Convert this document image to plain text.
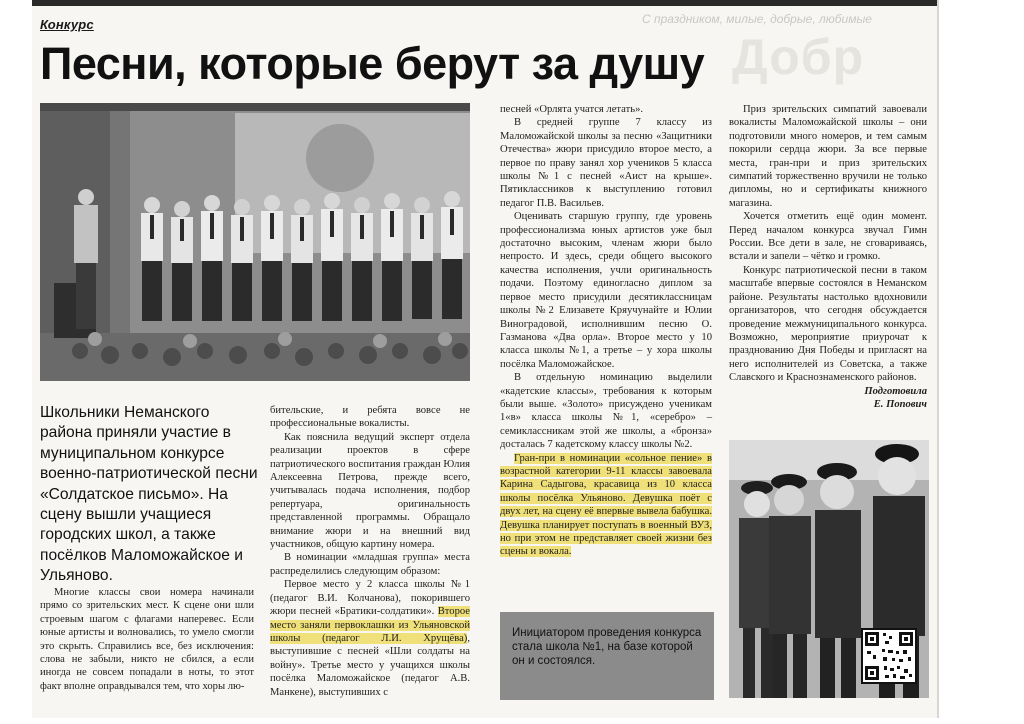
С праздником, милые, добрые, любимые
Добр
Конкурс
Песни, которые берут за душу
Школьники Неманского района приняли участие в муниципальном конкурсе военно-патриотической песни «Солдатское письмо». На сцену вышли учащиеся городских школ, а также посёлков Маломожайское и Ульяново.

Многие классы свои номера начинали прямо со зрительских мест. К сцене они шли строевым шагом с флагами наперевес. Если юные артисты и волновались, то умело смогли это скрыть. Справились все, без исключения: слова не забыли, никто не сбился, а если иногда не совсем попадали в ноты, то этот факт вполне оправдывался тем, что хоры лю-

бительские, и ребята вовсе не профессиональные вокалисты.

Как пояснила ведущий эксперт отдела реализации проектов в сфере патриотического воспитания граждан Юлия Алексеевна Петрова, прежде всего, учитывалась подача исполнения, подбор репертуара, оригинальность представленной программы. Обращало внимание жюри и на внешний вид участников, общую картину номера.

В номинации «младшая группа» места распределились следующим образом:

Первое место у 2 класса школы №1 (педагог В.И. Колчанова), покорившего жюри песней «Братики-солдатики». Второе место заняли первоклашки из Ульяновской школы (педагог Л.И. Хрущёва), выступившие с песней «Шли солдаты на войну». Третье место у учащихся школы посёлка Маломожайское (педагог А.В. Манкене), выступивших с

песней «Орлята учатся летать».

В средней группе 7 классу из Маломожайской школы за песню «Защитники Отечества» жюри присудило второе место, а первое по праву занял хор учеников 5 класса школы №1 с песней «Аист на крыше». Пятиклассников к выступлению готовил педагог П.В. Васильев.

Оценивать старшую группу, где уровень профессионализма юных артистов уже был достаточно высоким, членам жюри было непросто. И здесь, среди общего высокого качества исполнения, учли оригинальность подачи. Поэтому единогласно диплом за первое место присудили десятиклассницам школы №2 Елизавете Кряучунайте и Юлии Виноградовой, исполнившим песню О. Газманова «Два орла». Второе место у 10 класса школы №1, а третье – у хора школы посёлка Маломожайское.

В отдельную номинацию выделили «кадетские классы», требования к которым были выше. «Золото» присуждено ученикам 1«в» класса школы №1, «серебро» – семиклассникам этой же школы, а «бронза» досталась 7 кадетскому классу школы №2.

Гран-при в номинации «сольное пение» в возрастной категории 9-11 классы завоевала Карина Садыгова, красавица из 10 класса школы посёлка Ульяново. Девушка поёт с двух лет, на сцену её впервые вывела бабушка. Девушка планирует поступать в военный ВУЗ, но при этом не представляет своей жизни без сцены и вокала.

Приз зрительских симпатий завоевали вокалисты Маломожайской школы – они подготовили много номеров, и тем самым покорили сердца жюри. За все первые места, гран-при и приз зрительских симпатий торжественно вручили не только дипломы, но и сертификаты книжного магазина.

Хочется отметить ещё один момент. Перед началом конкурса звучал Гимн России. Все дети в зале, не сговариваясь, встали и запели – чётко и громко.

Конкурс патриотической песни в таком масштабе впервые состоялся в Неманском районе. Результаты настолько вдохновили организаторов, что сегодня обсуждается проведение межмуниципального конкурса. Возможно, мероприятие приурочат к празднованию Дня Победы и пригласят на него исполнителей из Советска, а также Славского и Краснознаменского районов.

Подготовила

Е. Попович

Инициатором проведения конкурса стала школа №1, на базе которой он и состоялся.
